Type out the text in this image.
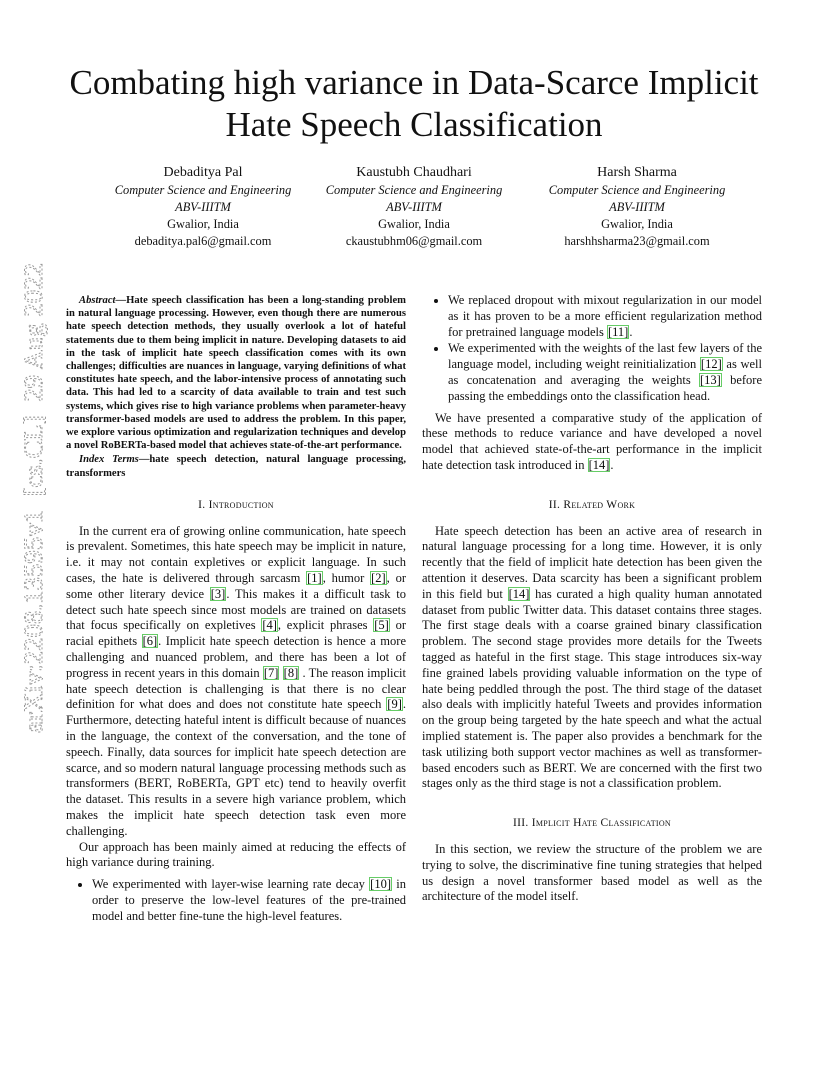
Combating high variance in Data-Scarce Implicit Hate Speech Classification
Debaditya Pal
Computer Science and Engineering
ABV-IIITM
Gwalior, India
debaditya.pal6@gmail.com
Kaustubh Chaudhari
Computer Science and Engineering
ABV-IIITM
Gwalior, India
ckaustubhm06@gmail.com
Harsh Sharma
Computer Science and Engineering
ABV-IIITM
Gwalior, India
harshhsharma23@gmail.com
arXiv:2208.13595v1  [cs.CL]  29 Aug 2022	Abstract—Hate speech classification has been a long-standing problem in natural language processing. However, even though there are numerous hate speech detection methods, they usually overlook a lot of hateful statements due to them being implicit in nature. Developing datasets to aid in the task of implicit hate speech classification comes with its own challenges; difficulties are nuances in language, varying definitions of what constitutes hate speech, and the labor-intensive process of annotating such data. This had led to a scarcity of data available to train and test such systems, which gives rise to high variance problems when parameter-heavy transformer-based models are used to address the problem. In this paper, we explore various optimization and regularization techniques and develop a novel RoBERTa-based model that achieves state-of-the-art performance.

Index Terms—hate speech detection, natural language processing, transformers

I. Introduction

In the current era of growing online communication, hate speech is prevalent. Sometimes, this hate speech may be implicit in nature, i.e. it may not contain expletives or explicit language. In such cases, the hate is delivered through sarcasm [1], humor [2], or some other literary device [3]. This makes it a difficult task to detect such hate speech since most models are trained on datasets that focus specifically on expletives [4], explicit phrases [5] or racial epithets [6]. Implicit hate speech detection is hence a more challenging and nuanced problem, and there has been a lot of progress in recent years in this domain [7] [8] . The reason implicit hate speech detection is challenging is that there is no clear definition for what does and does not constitute hate speech [9]. Furthermore, detecting hateful intent is difficult because of nuances in the language, the context of the conversation, and the tone of speech. Finally, data sources for implicit hate speech detection are scarce, and so modern natural language processing methods such as transformers (BERT, RoBERTa, GPT etc) tend to heavily overfit the dataset. This results in a severe high variance problem, which makes the implicit hate speech detection task even more challenging.

Our approach has been mainly aimed at reducing the effects of high variance during training.

• We experimented with layer-wise learning rate decay [10] in order to preserve the low-level features of the pre-trained model and better fine-tune the high-level features.
• We replaced dropout with mixout regularization in our model as it has proven to be a more efficient regularization method for pretrained language models [11].
• We experimented with the weights of the last few layers of the language model, including weight reinitialization [12] as well as concatenation and averaging the weights [13] before passing the embeddings onto the classification head.

We have presented a comparative study of the application of these methods to reduce variance and have developed a novel model that achieved state-of-the-art performance in the implicit hate detection task introduced in [14].

II. Related Work

Hate speech detection has been an active area of research in natural language processing for a long time. However, it is only recently that the field of implicit hate detection has been given the attention it deserves. Data scarcity has been a significant problem in this field but [14] has curated a high quality human annotated dataset from public Twitter data. This dataset contains three stages. The first stage deals with a coarse grained binary classification problem. The second stage provides more details for the Tweets tagged as hateful in the first stage. This stage introduces six-way fine grained labels providing valuable information on the type of hate being peddled through the post. The third stage of the dataset also deals with implicitly hateful Tweets and provides information on the group being targeted by the hate speech and what the actual implied statement is. The paper also provides a benchmark for the task utilizing both support vector machines as well as transformer-based encoders such as BERT. We are concerned with the first two stages only as the third stage is not a classification problem.

III. Implicit Hate Classification

In this section, we review the structure of the problem we are trying to solve, the discriminative fine tuning strategies that helped us design a novel transformer based model as well as the architecture of the model itself.
